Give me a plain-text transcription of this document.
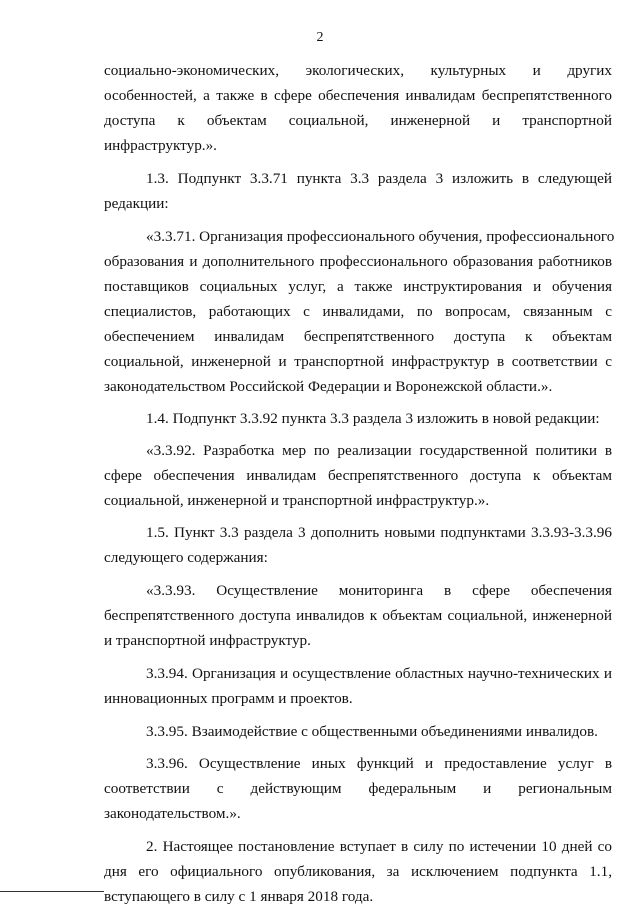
2
социально-экономических, экологических, культурных и других
особенностей, а также в сфере обеспечения инвалидам беспрепятственного
доступа к объектам социальной, инженерной и транспортной
инфраструктур.».
1.3. Подпункт 3.3.71 пункта 3.3 раздела 3 изложить в следующей
редакции:
«3.3.71. Организация профессионального обучения, профессионального
образования и дополнительного профессионального образования работников
поставщиков социальных услуг, а также инструктирования и обучения
специалистов, работающих с инвалидами, по вопросам, связанным с
обеспечением инвалидам беспрепятственного доступа к объектам
социальной, инженерной и транспортной инфраструктур в соответствии с
законодательством Российской Федерации и Воронежской области.».
1.4. Подпункт 3.3.92 пункта 3.3 раздела 3 изложить в новой редакции:
«3.3.92. Разработка мер по реализации государственной политики в
сфере обеспечения инвалидам беспрепятственного доступа к объектам
социальной, инженерной и транспортной инфраструктур.».
1.5. Пункт 3.3 раздела 3 дополнить новыми подпунктами 3.3.93-3.3.96
следующего содержания:
«3.3.93. Осуществление мониторинга в сфере обеспечения
беспрепятственного доступа инвалидов к объектам социальной, инженерной
и транспортной инфраструктур.
3.3.94. Организация и осуществление областных научно-технических и
инновационных программ и проектов.
3.3.95. Взаимодействие с общественными объединениями инвалидов.
3.3.96. Осуществление иных функций и предоставление услуг в
соответствии с действующим федеральным и региональным
законодательством.».
2. Настоящее постановление вступает в силу по истечении 10 дней со
дня его официального опубликования, за исключением подпункта 1.1,
вступающего в силу с 1 января 2018 года.
